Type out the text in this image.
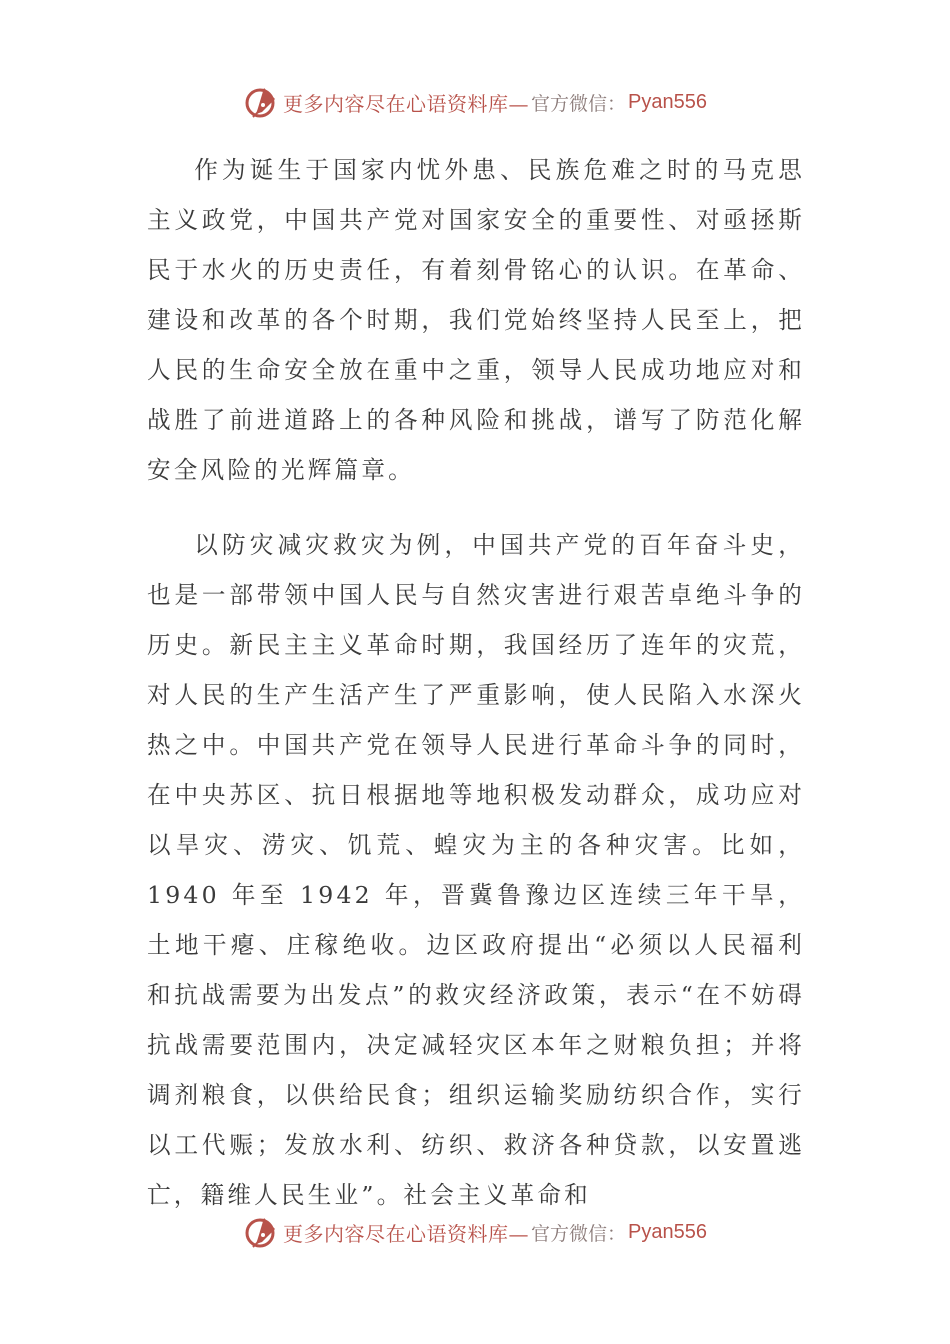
更多内容尽在心语资料库— 官方微信： Pyan556

作为诞生于国家内忧外患、民族危难之时的马克思主义政党，中国共产党对国家安全的重要性、对亟拯斯民于水火的历史责任，有着刻骨铭心的认识。在革命、建设和改革的各个时期，我们党始终坚持人民至上，把人民的生命安全放在重中之重，领导人民成功地应对和战胜了前进道路上的各种风险和挑战，谱写了防范化解安全风险的光辉篇章。

以防灾减灾救灾为例，中国共产党的百年奋斗史，也是一部带领中国人民与自然灾害进行艰苦卓绝斗争的历史。新民主主义革命时期，我国经历了连年的灾荒，对人民的生产生活产生了严重影响，使人民陷入水深火热之中。中国共产党在领导人民进行革命斗争的同时，在中央苏区、抗日根据地等地积极发动群众，成功应对以旱灾、涝灾、饥荒、蝗灾为主的各种灾害。比如，1940 年至 1942 年，晋冀鲁豫边区连续三年干旱，土地干瘪、庄稼绝收。边区政府提出“必须以人民福利和抗战需要为出发点”的救灾经济政策，表示“在不妨碍抗战需要范围内，决定减轻灾区本年之财粮负担；并将调剂粮食，以供给民食；组织运输奖励纺织合作，实行以工代赈；发放水利、纺织、救济各种贷款，以安置逃亡，籍维人民生业”。社会主义革命和

更多内容尽在心语资料库— 官方微信： Pyan556
